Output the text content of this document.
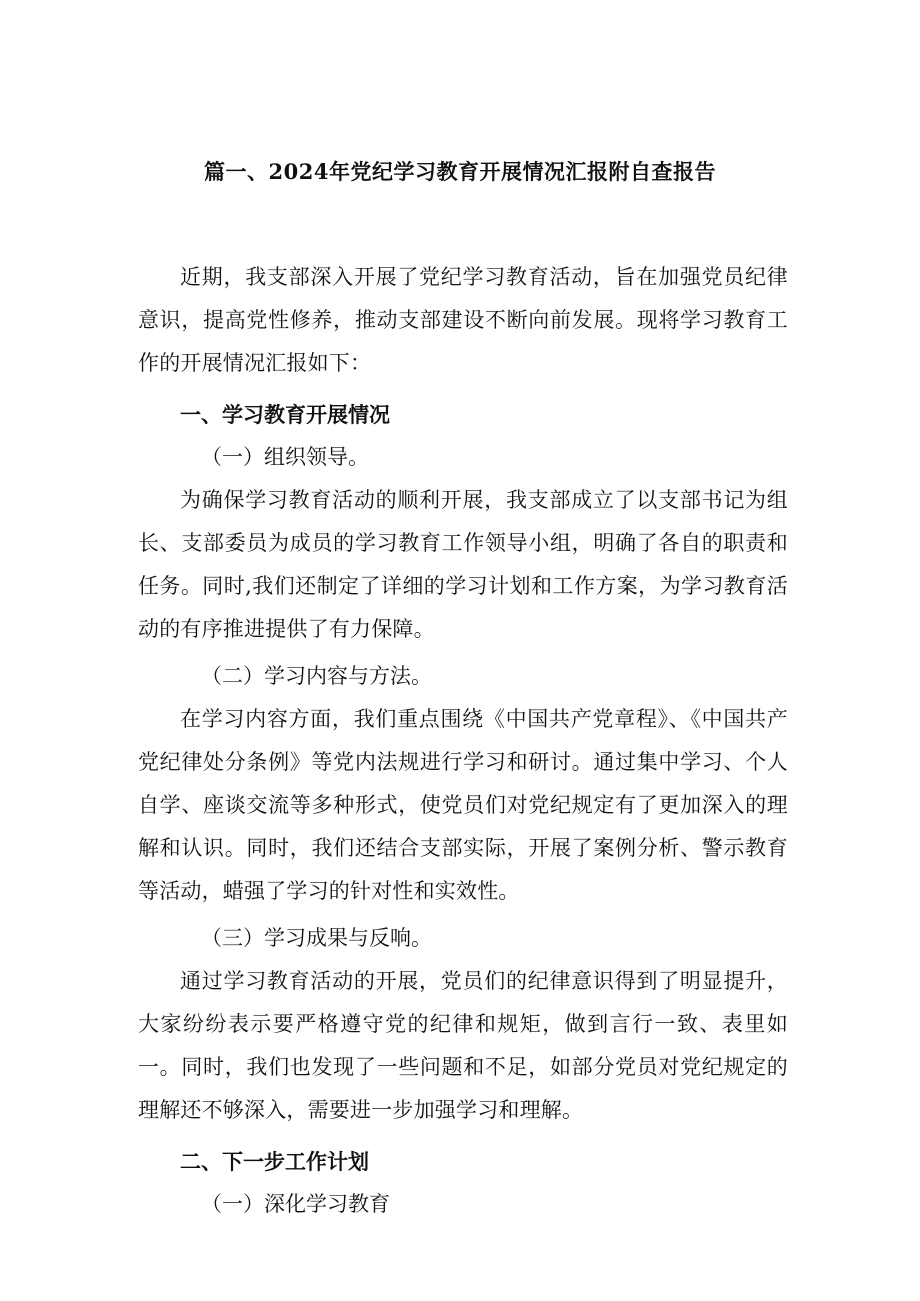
篇一、2024年党纪学习教育开展情况汇报附自查报告

近期，我支部深入开展了党纪学习教育活动，旨在加强党员纪律意识，提高党性修养，推动支部建设不断向前发展。现将学习教育工作的开展情况汇报如下：

一、学习教育开展情况

（一）组织领导。

为确保学习教育活动的顺利开展，我支部成立了以支部书记为组长、支部委员为成员的学习教育工作领导小组，明确了各自的职责和任务。同时,我们还制定了详细的学习计划和工作方案，为学习教育活动的有序推进提供了有力保障。

（二）学习内容与方法。

在学习内容方面，我们重点围绕《中国共产党章程》、《中国共产党纪律处分条例》等党内法规进行学习和研讨。通过集中学习、个人自学、座谈交流等多种形式，使党员们对党纪规定有了更加深入的理解和认识。同时，我们还结合支部实际，开展了案例分析、警示教育等活动，蜡强了学习的针对性和实效性。

（三）学习成果与反响。

通过学习教育活动的开展，党员们的纪律意识得到了明显提升，大家纷纷表示要严格遵守党的纪律和规矩，做到言行一致、表里如一。同时，我们也发现了一些问题和不足，如部分党员对党纪规定的理解还不够深入，需要进一步加强学习和理解。

二、下一步工作计划

（一）深化学习教育
